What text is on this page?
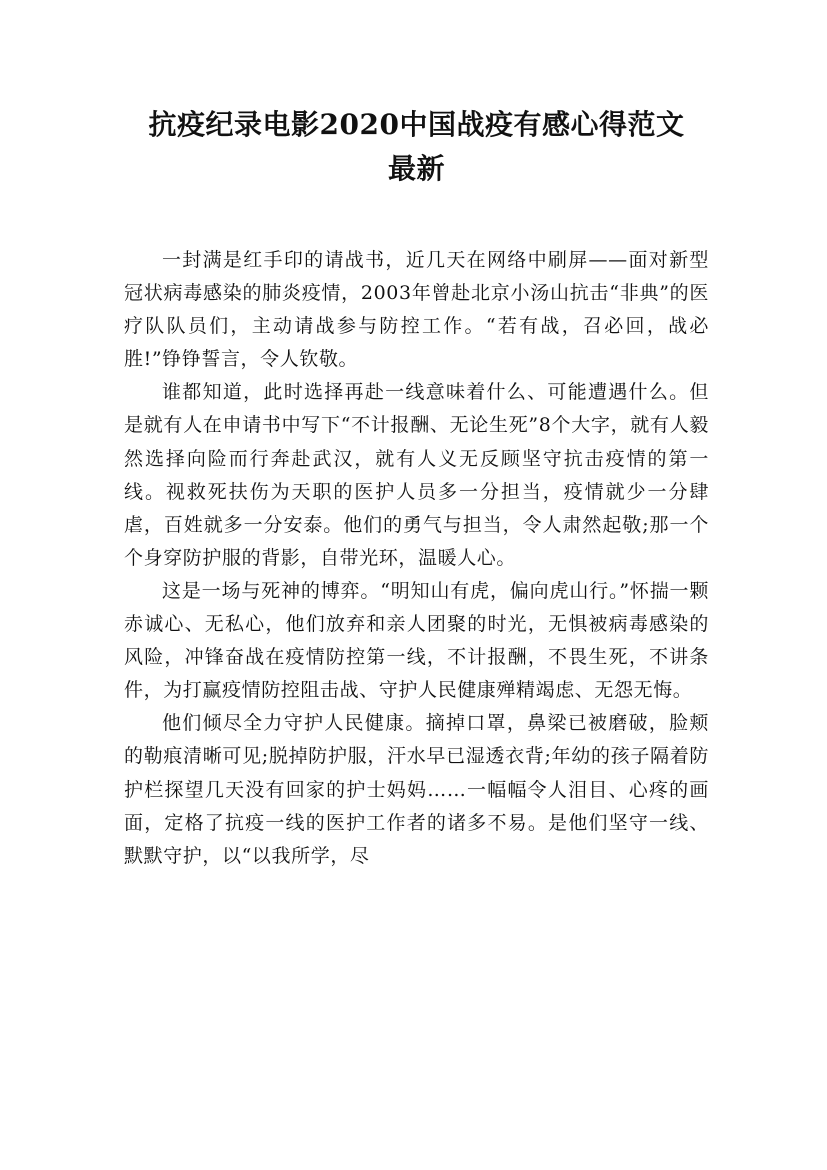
抗疫纪录电影2020中国战疫有感心得范文
最新

一封满是红手印的请战书，近几天在网络中刷屏——面对新型冠状病毒感染的肺炎疫情，2003年曾赴北京小汤山抗击“非典”的医疗队队员们，主动请战参与防控工作。“若有战，召必回，战必胜!”铮铮誓言，令人钦敬。

谁都知道，此时选择再赴一线意味着什么、可能遭遇什么。但是就有人在申请书中写下“不计报酬、无论生死”8个大字，就有人毅然选择向险而行奔赴武汉，就有人义无反顾坚守抗击疫情的第一线。视救死扶伤为天职的医护人员多一分担当，疫情就少一分肆虐，百姓就多一分安泰。他们的勇气与担当，令人肃然起敬;那一个个身穿防护服的背影，自带光环，温暖人心。

这是一场与死神的博弈。“明知山有虎，偏向虎山行。”怀揣一颗赤诚心、无私心，他们放弃和亲人团聚的时光，无惧被病毒感染的风险，冲锋奋战在疫情防控第一线，不计报酬，不畏生死，不讲条件，为打赢疫情防控阻击战、守护人民健康殚精竭虑、无怨无悔。

他们倾尽全力守护人民健康。摘掉口罩，鼻梁已被磨破，脸颊的勒痕清晰可见;脱掉防护服，汗水早已湿透衣背;年幼的孩子隔着防护栏探望几天没有回家的护士妈妈……一幅幅令人泪目、心疼的画面，定格了抗疫一线的医护工作者的诸多不易。是他们坚守一线、默默守护，以“以我所学，尽
